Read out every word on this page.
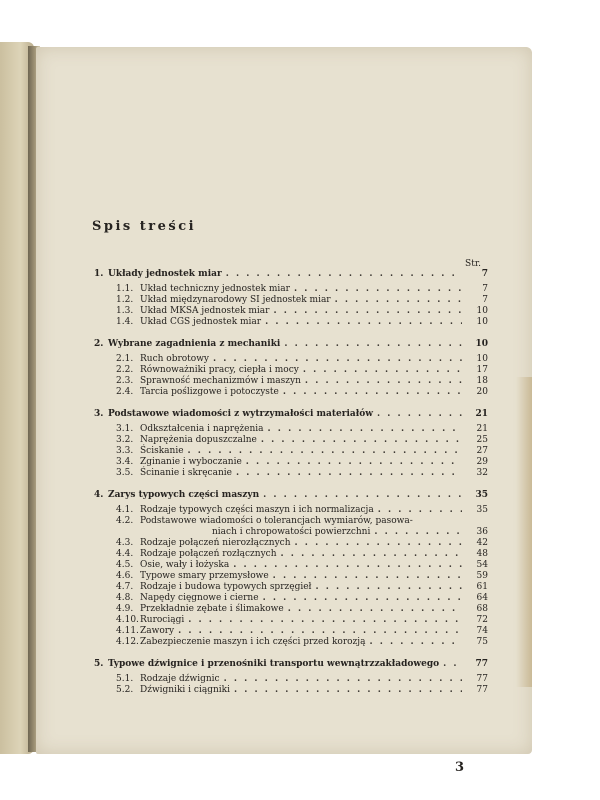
Spis treści
Str.
1. Układy jednostek miar . . .	7
1.1. Układ techniczny jednostek miar . . .	7
1.2. Układ międzynarodowy SI jednostek miar . . .	7
1.3. Układ MKSA jednostek miar . . .	10
1.4. Układ CGS jednostek miar . . .	10
2. Wybrane zagadnienia z mechaniki . . .	10
2.1. Ruch obrotowy . . .	10
2.2. Równoważniki pracy, ciepła i mocy . . .	17
2.3. Sprawność mechanizmów i maszyn . . .	18
2.4. Tarcia poślizgowe i potoczyste . . .	20
3. Podstawowe wiadomości z wytrzymałości materiałów . . .	21
3.1. Odkształcenia i naprężenia . . .	21
3.2. Naprężenia dopuszczalne . . .	25
3.3. Ściskanie . . .	27
3.4. Zginanie i wyboczanie . . .	29
3.5. Ścinanie i skręcanie . . .	32
4. Zarys typowych części maszyn . . .	35
4.1. Rodzaje typowych części maszyn i ich normalizacja . . .	35
4.2. Podstawowe wiadomości o tolerancjach wymiarów, pasowa-
niach i chropowatości powierzchni . . .	36
4.3. Rodzaje połączeń nierozłącznych . . .	42
4.4. Rodzaje połączeń rozłącznych . . .	48
4.5. Osie, wały i łożyska . . .	54
4.6. Typowe smary przemysłowe . . .	59
4.7. Rodzaje i budowa typowych sprzęgieł . . .	61
4.8. Napędy cięgnowe i cierne . . .	64
4.9. Przekładnie zębate i ślimakowe . . .	68
4.10. Rurociągi . . .	72
4.11. Zawory . . .	74
4.12. Zabezpieczenie maszyn i ich części przed korozją . . .	75
5. Typowe dźwignice i przenośniki transportu wewnątrzzakładowego . . .	77
5.1. Rodzaje dźwignic . . .	77
5.2. Dźwigniki i ciągniki . . .	77
3
